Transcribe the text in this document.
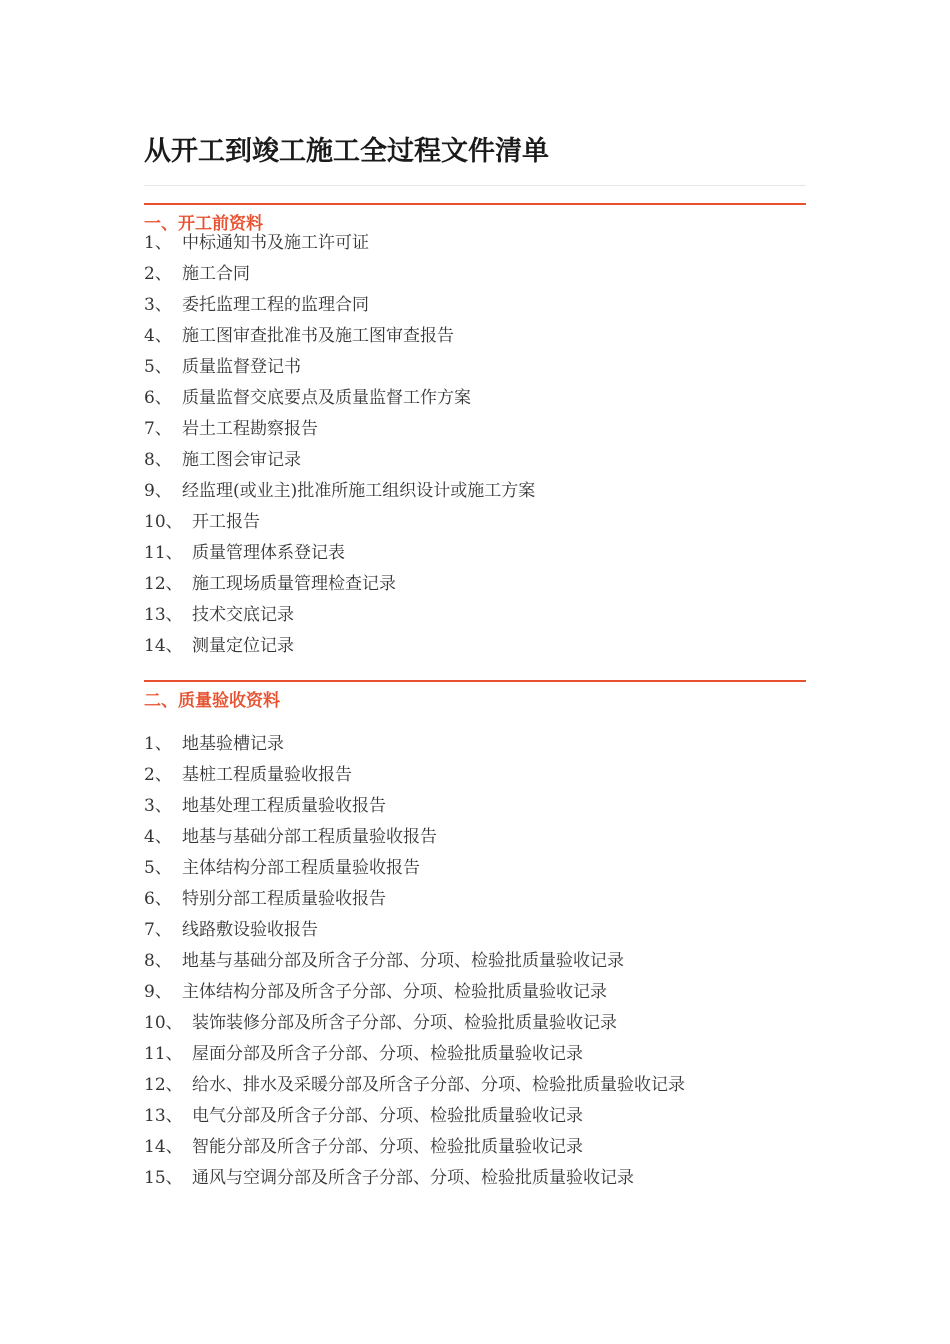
从开工到竣工施工全过程文件清单
一、开工前资料
1、 中标通知书及施工许可证
2、 施工合同
3、 委托监理工程的监理合同
4、 施工图审查批准书及施工图审查报告
5、 质量监督登记书
6、 质量监督交底要点及质量监督工作方案
7、 岩土工程勘察报告
8、 施工图会审记录
9、 经监理(或业主)批准所施工组织设计或施工方案
10、 开工报告
11、 质量管理体系登记表
12、 施工现场质量管理检查记录
13、 技术交底记录
14、 测量定位记录
二、质量验收资料
1、 地基验槽记录
2、 基桩工程质量验收报告
3、 地基处理工程质量验收报告
4、 地基与基础分部工程质量验收报告
5、 主体结构分部工程质量验收报告
6、 特别分部工程质量验收报告
7、 线路敷设验收报告
8、 地基与基础分部及所含子分部、分项、检验批质量验收记录
9、 主体结构分部及所含子分部、分项、检验批质量验收记录
10、 装饰装修分部及所含子分部、分项、检验批质量验收记录
11、 屋面分部及所含子分部、分项、检验批质量验收记录
12、 给水、排水及采暖分部及所含子分部、分项、检验批质量验收记录
13、 电气分部及所含子分部、分项、检验批质量验收记录
14、 智能分部及所含子分部、分项、检验批质量验收记录
15、 通风与空调分部及所含子分部、分项、检验批质量验收记录
